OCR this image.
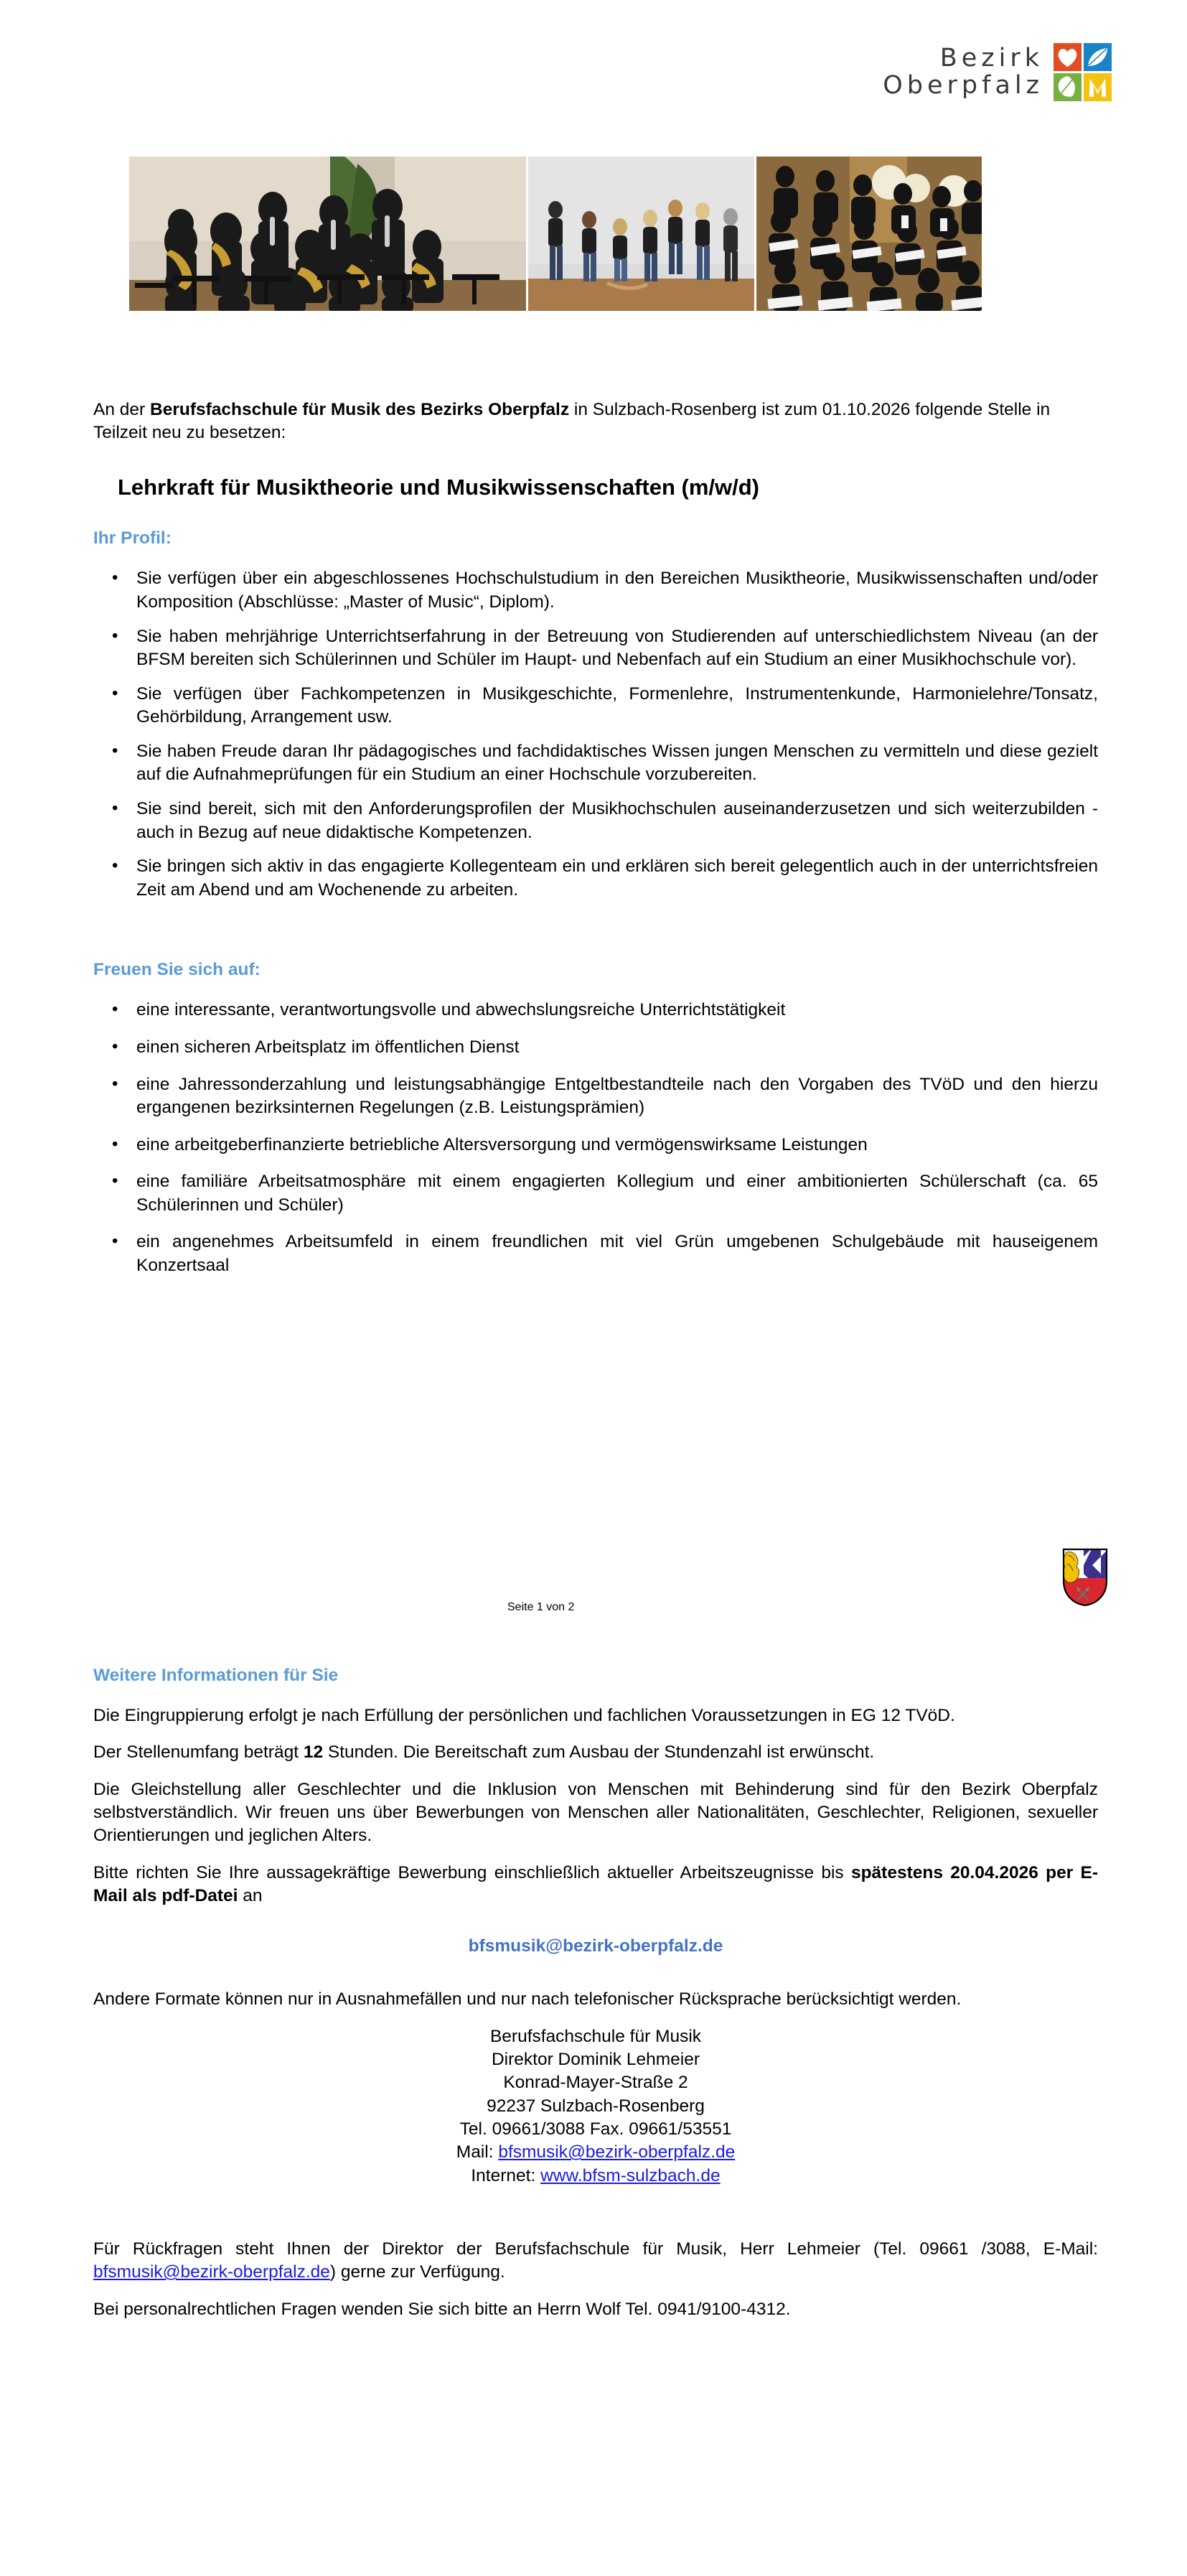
Bezirk
Oberpfalz

An der Berufsfachschule für Musik des Bezirks Oberpfalz in Sulzbach-Rosenberg ist zum 01.10.2026 folgende Stelle in Teilzeit neu zu besetzen:

Lehrkraft für Musiktheorie und Musikwissenschaften (m/w/d)
Ihr Profil:
• Sie verfügen über ein abgeschlossenes Hochschulstudium in den Bereichen Musiktheorie, Musikwissenschaften und/oder Komposition (Abschlüsse: „Master of Music“, Diplom).
• Sie haben mehrjährige Unterrichtserfahrung in der Betreuung von Studierenden auf unterschiedlichstem Niveau (an der BFSM bereiten sich Schülerinnen und Schüler im Haupt- und Nebenfach auf ein Studium an einer Musikhochschule vor).
• Sie verfügen über Fachkompetenzen in Musikgeschichte, Formenlehre, Instrumentenkunde, Harmonielehre/Tonsatz, Gehörbildung, Arrangement usw.
• Sie haben Freude daran Ihr pädagogisches und fachdidaktisches Wissen jungen Menschen zu vermitteln und diese gezielt auf die Aufnahmeprüfungen für ein Studium an einer Hochschule vorzubereiten.
• Sie sind bereit, sich mit den Anforderungsprofilen der Musikhochschulen auseinanderzusetzen und sich weiterzubilden - auch in Bezug auf neue didaktische Kompetenzen.
• Sie bringen sich aktiv in das engagierte Kollegenteam ein und erklären sich bereit gelegentlich auch in der unterrichtsfreien Zeit am Abend und am Wochenende zu arbeiten.
Freuen Sie sich auf:
• eine interessante, verantwortungsvolle und abwechslungsreiche Unterrichtstätigkeit
• einen sicheren Arbeitsplatz im öffentlichen Dienst
• eine Jahressonderzahlung und leistungsabhängige Entgeltbestandteile nach den Vorgaben des TVöD und den hierzu ergangenen bezirksinternen Regelungen (z.B. Leistungsprämien)
• eine arbeitgeberfinanzierte betriebliche Altersversorgung und vermögenswirksame Leistungen
• eine familiäre Arbeitsatmosphäre mit einem engagierten Kollegium und einer ambitionierten Schülerschaft (ca. 65 Schülerinnen und Schüler)
• ein angenehmes Arbeitsumfeld in einem freundlichen mit viel Grün umgebenen Schulgebäude mit hauseigenem Konzertsaal
Seite 1 von 2
Weitere Informationen für Sie

Die Eingruppierung erfolgt je nach Erfüllung der persönlichen und fachlichen Voraussetzungen in EG 12 TVöD.

Der Stellenumfang beträgt 12 Stunden. Die Bereitschaft zum Ausbau der Stundenzahl ist erwünscht.

Die Gleichstellung aller Geschlechter und die Inklusion von Menschen mit Behinderung sind für den Bezirk Oberpfalz selbstverständlich. Wir freuen uns über Bewerbungen von Menschen aller Nationalitäten, Geschlechter, Religionen, sexueller Orientierungen und jeglichen Alters.

Bitte richten Sie Ihre aussagekräftige Bewerbung einschließlich aktueller Arbeitszeugnisse bis spätestens 20.04.2026 per E-Mail als pdf-Datei an

bfsmusik@bezirk-oberpfalz.de

Andere Formate können nur in Ausnahmefällen und nur nach telefonischer Rücksprache berücksichtigt werden.

Berufsfachschule für Musik
Direktor Dominik Lehmeier
Konrad-Mayer-Straße 2
92237 Sulzbach-Rosenberg
Tel. 09661/3088 Fax. 09661/53551
Mail: bfsmusik@bezirk-oberpfalz.de
Internet: www.bfsm-sulzbach.de

Für Rückfragen steht Ihnen der Direktor der Berufsfachschule für Musik, Herr Lehmeier (Tel. 09661 /3088, E-Mail: bfsmusik@bezirk-oberpfalz.de) gerne zur Verfügung.

Bei personalrechtlichen Fragen wenden Sie sich bitte an Herrn Wolf Tel. 0941/9100-4312.
